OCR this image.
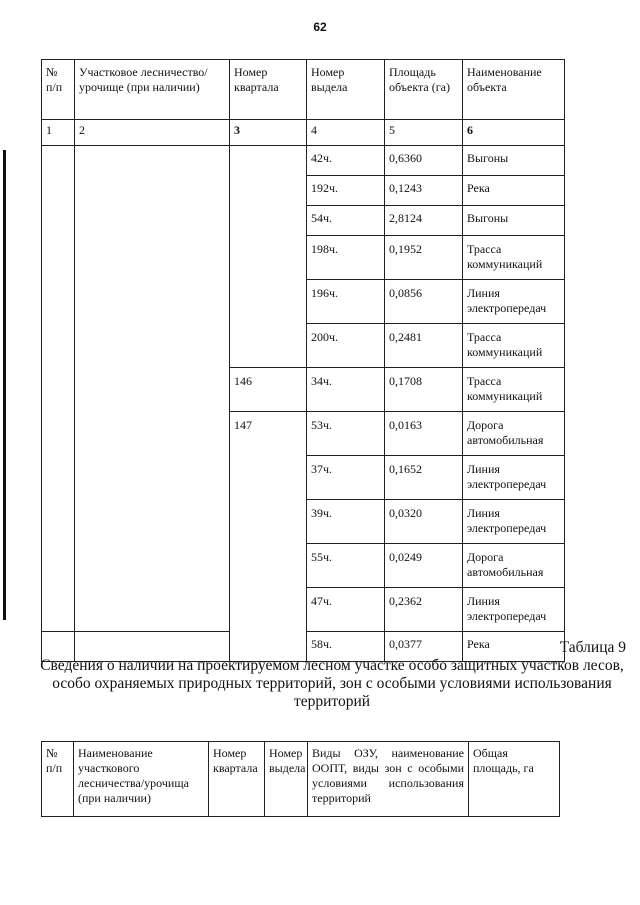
62
№ п/п	Участковое лесничество/урочище (при наличии)	Номер квартала	Номер выдела	Площадь объекта (га)	Наименование объекта
1	2	3	4	5	6
			42ч.	0,6360	Выгоны
			192ч.	0,1243	Река
			54ч.	2,8124	Выгоны
			198ч.	0,1952	Трасса коммуникаций
			196ч.	0,0856	Линия электропередач
			200ч.	0,2481	Трасса коммуникаций
		146	34ч.	0,1708	Трасса коммуникаций
		147	53ч.	0,0163	Дорога автомобильная
			37ч.	0,1652	Линия электропередач
			39ч.	0,0320	Линия электропередач
			55ч.	0,0249	Дорога автомобильная
			47ч.	0,2362	Линия электропередач
			58ч.	0,0377	Река	Таблица 9
Сведения о наличии на проектируемом лесном участке особо защитных участков лесов, особо охраняемых природных территорий, зон с особыми условиями использования территорий
№ п/п	Наименование участкового лесничества/урочища (при наличии)	Номер квартала	Номер выдела	Виды ОЗУ, наименование ООПТ, виды зон с особыми условиями использования территорий	Общая площадь, га
